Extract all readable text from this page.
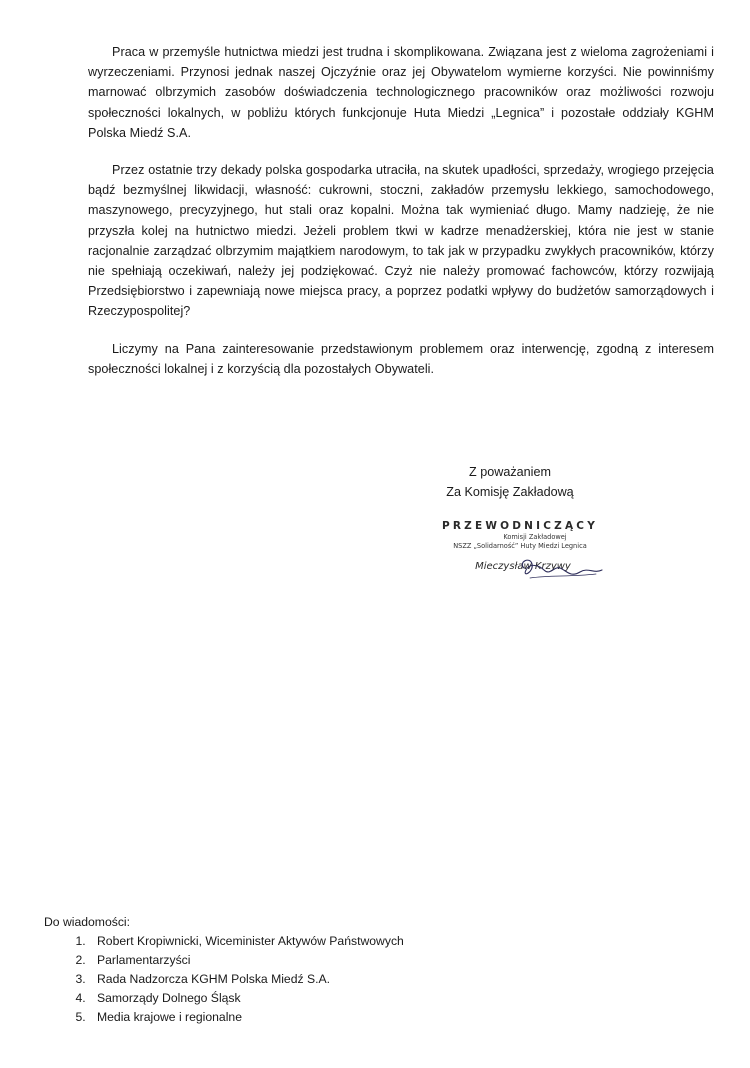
Praca w przemyśle hutnictwa miedzi jest trudna i skomplikowana. Związana jest z wieloma zagrożeniami i wyrzeczeniami. Przynosi jednak naszej Ojczyźnie oraz jej Obywatelom wymierne korzyści. Nie powinniśmy marnować olbrzymich zasobów doświadczenia technologicznego pracowników oraz możliwości rozwoju społeczności lokalnych, w pobliżu których funkcjonuje Huta Miedzi „Legnica” i pozostałe oddziały KGHM Polska Miedź S.A.

Przez ostatnie trzy dekady polska gospodarka utraciła, na skutek upadłości, sprzedaży, wrogiego przejęcia bądź bezmyślnej likwidacji, własność: cukrowni, stoczni, zakładów przemysłu lekkiego, samochodowego, maszynowego, precyzyjnego, hut stali oraz kopalni. Można tak wymieniać długo. Mamy nadzieję, że nie przyszła kolej na hutnictwo miedzi. Jeżeli problem tkwi w kadrze menadżerskiej, która nie jest w stanie racjonalnie zarządzać olbrzymim majątkiem narodowym, to tak jak w przypadku zwykłych pracowników, którzy nie spełniają oczekiwań, należy jej podziękować. Czyż nie należy promować fachowców, którzy rozwijają Przedsiębiorstwo i zapewniają nowe miejsca pracy, a poprzez podatki wpływy do budżetów samorządowych i Rzeczypospolitej?

Liczymy na Pana zainteresowanie przedstawionym problemem oraz interwencję, zgodną z interesem społeczności lokalnej i z korzyścią dla pozostałych Obywateli.

Z poważaniem
Za Komisję Zakładową
PRZEWODNICZĄCY
Komisji Zakładowej
NSZZ „Solidarność” Huty Miedzi Legnica
Mieczysław Krzywy
Do wiadomości:
1. Robert Kropiwnicki, Wiceminister Aktywów Państwowych
2. Parlamentarzyści
3. Rada Nadzorcza KGHM Polska Miedź S.A.
4. Samorządy Dolnego Śląsk
5. Media krajowe i regionalne
